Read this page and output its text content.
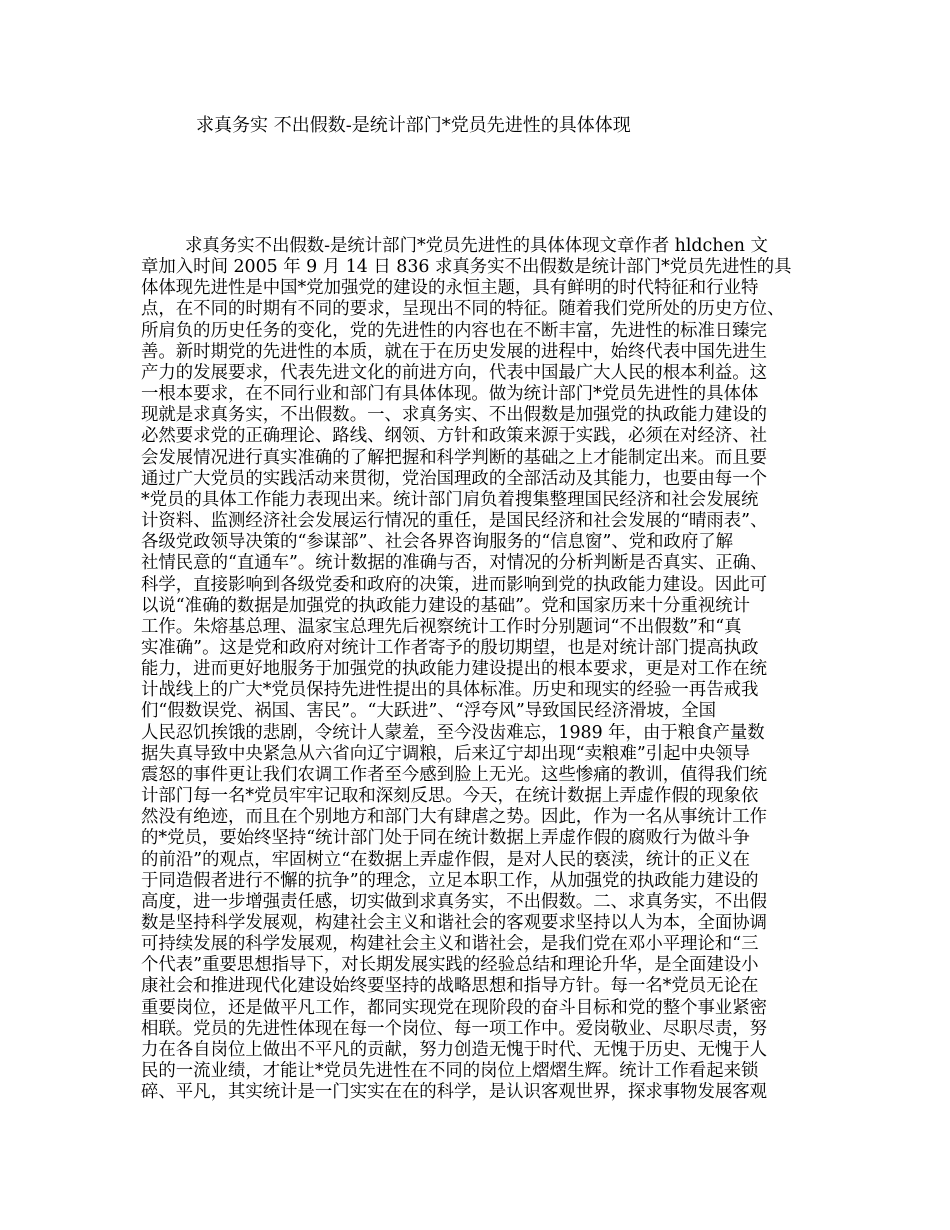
求真务实 不出假数-是统计部门*党员先进性的具体体现
求真务实不出假数-是统计部门*党员先进性的具体体现文章作者 hldchen 文
章加入时间 2005 年 9 月 14 日 836 求真务实不出假数是统计部门*党员先进性的具
体体现先进性是中国*党加强党的建设的永恒主题，具有鲜明的时代特征和行业特
点，在不同的时期有不同的要求，呈现出不同的特征。随着我们党所处的历史方位、
所肩负的历史任务的变化，党的先进性的内容也在不断丰富，先进性的标准日臻完
善。新时期党的先进性的本质，就在于在历史发展的进程中，始终代表中国先进生
产力的发展要求，代表先进文化的前进方向，代表中国最广大人民的根本利益。这
一根本要求，在不同行业和部门有具体体现。做为统计部门*党员先进性的具体体
现就是求真务实，不出假数。一、求真务实、不出假数是加强党的执政能力建设的
必然要求党的正确理论、路线、纲领、方针和政策来源于实践，必须在对经济、社
会发展情况进行真实准确的了解把握和科学判断的基础之上才能制定出来。而且要
通过广大党员的实践活动来贯彻，党治国理政的全部活动及其能力，也要由每一个
*党员的具体工作能力表现出来。统计部门肩负着搜集整理国民经济和社会发展统
计资料、监测经济社会发展运行情况的重任，是国民经济和社会发展的“晴雨表”、
各级党政领导决策的“参谋部”、社会各界咨询服务的“信息窗”、党和政府了解
社情民意的“直通车”。统计数据的准确与否，对情况的分析判断是否真实、正确、
科学，直接影响到各级党委和政府的决策，进而影响到党的执政能力建设。因此可
以说“准确的数据是加强党的执政能力建设的基础”。党和国家历来十分重视统计
工作。朱熔基总理、温家宝总理先后视察统计工作时分别题词“不出假数”和“真
实准确”。这是党和政府对统计工作者寄予的殷切期望，也是对统计部门提高执政
能力，进而更好地服务于加强党的执政能力建设提出的根本要求，更是对工作在统
计战线上的广大*党员保持先进性提出的具体标准。历史和现实的经验一再告戒我
们“假数误党、祸国、害民”。“大跃进”、“浮夸风”导致国民经济滑坡，全国
人民忍饥挨饿的悲剧，令统计人蒙羞，至今没齿难忘，1989 年，由于粮食产量数
据失真导致中央紧急从六省向辽宁调粮，后来辽宁却出现“卖粮难”引起中央领导
震怒的事件更让我们农调工作者至今感到脸上无光。这些惨痛的教训，值得我们统
计部门每一名*党员牢牢记取和深刻反思。今天，在统计数据上弄虚作假的现象依
然没有绝迹，而且在个别地方和部门大有肆虐之势。因此，作为一名从事统计工作
的*党员，要始终坚持“统计部门处于同在统计数据上弄虚作假的腐败行为做斗争
的前沿”的观点，牢固树立“在数据上弄虚作假，是对人民的亵渎，统计的正义在
于同造假者进行不懈的抗争”的理念，立足本职工作，从加强党的执政能力建设的
高度，进一步增强责任感，切实做到求真务实，不出假数。二、求真务实，不出假
数是坚持科学发展观，构建社会主义和谐社会的客观要求坚持以人为本，全面协调
可持续发展的科学发展观，构建社会主义和谐社会，是我们党在邓小平理论和“三
个代表”重要思想指导下，对长期发展实践的经验总结和理论升华，是全面建设小
康社会和推进现代化建设始终要坚持的战略思想和指导方针。每一名*党员无论在
重要岗位，还是做平凡工作，都同实现党在现阶段的奋斗目标和党的整个事业紧密
相联。党员的先进性体现在每一个岗位、每一项工作中。爱岗敬业、尽职尽责，努
力在各自岗位上做出不平凡的贡献，努力创造无愧于时代、无愧于历史、无愧于人
民的一流业绩，才能让*党员先进性在不同的岗位上熠熠生辉。统计工作看起来锁
碎、平凡，其实统计是一门实实在在的科学，是认识客观世界，探求事物发展客观
